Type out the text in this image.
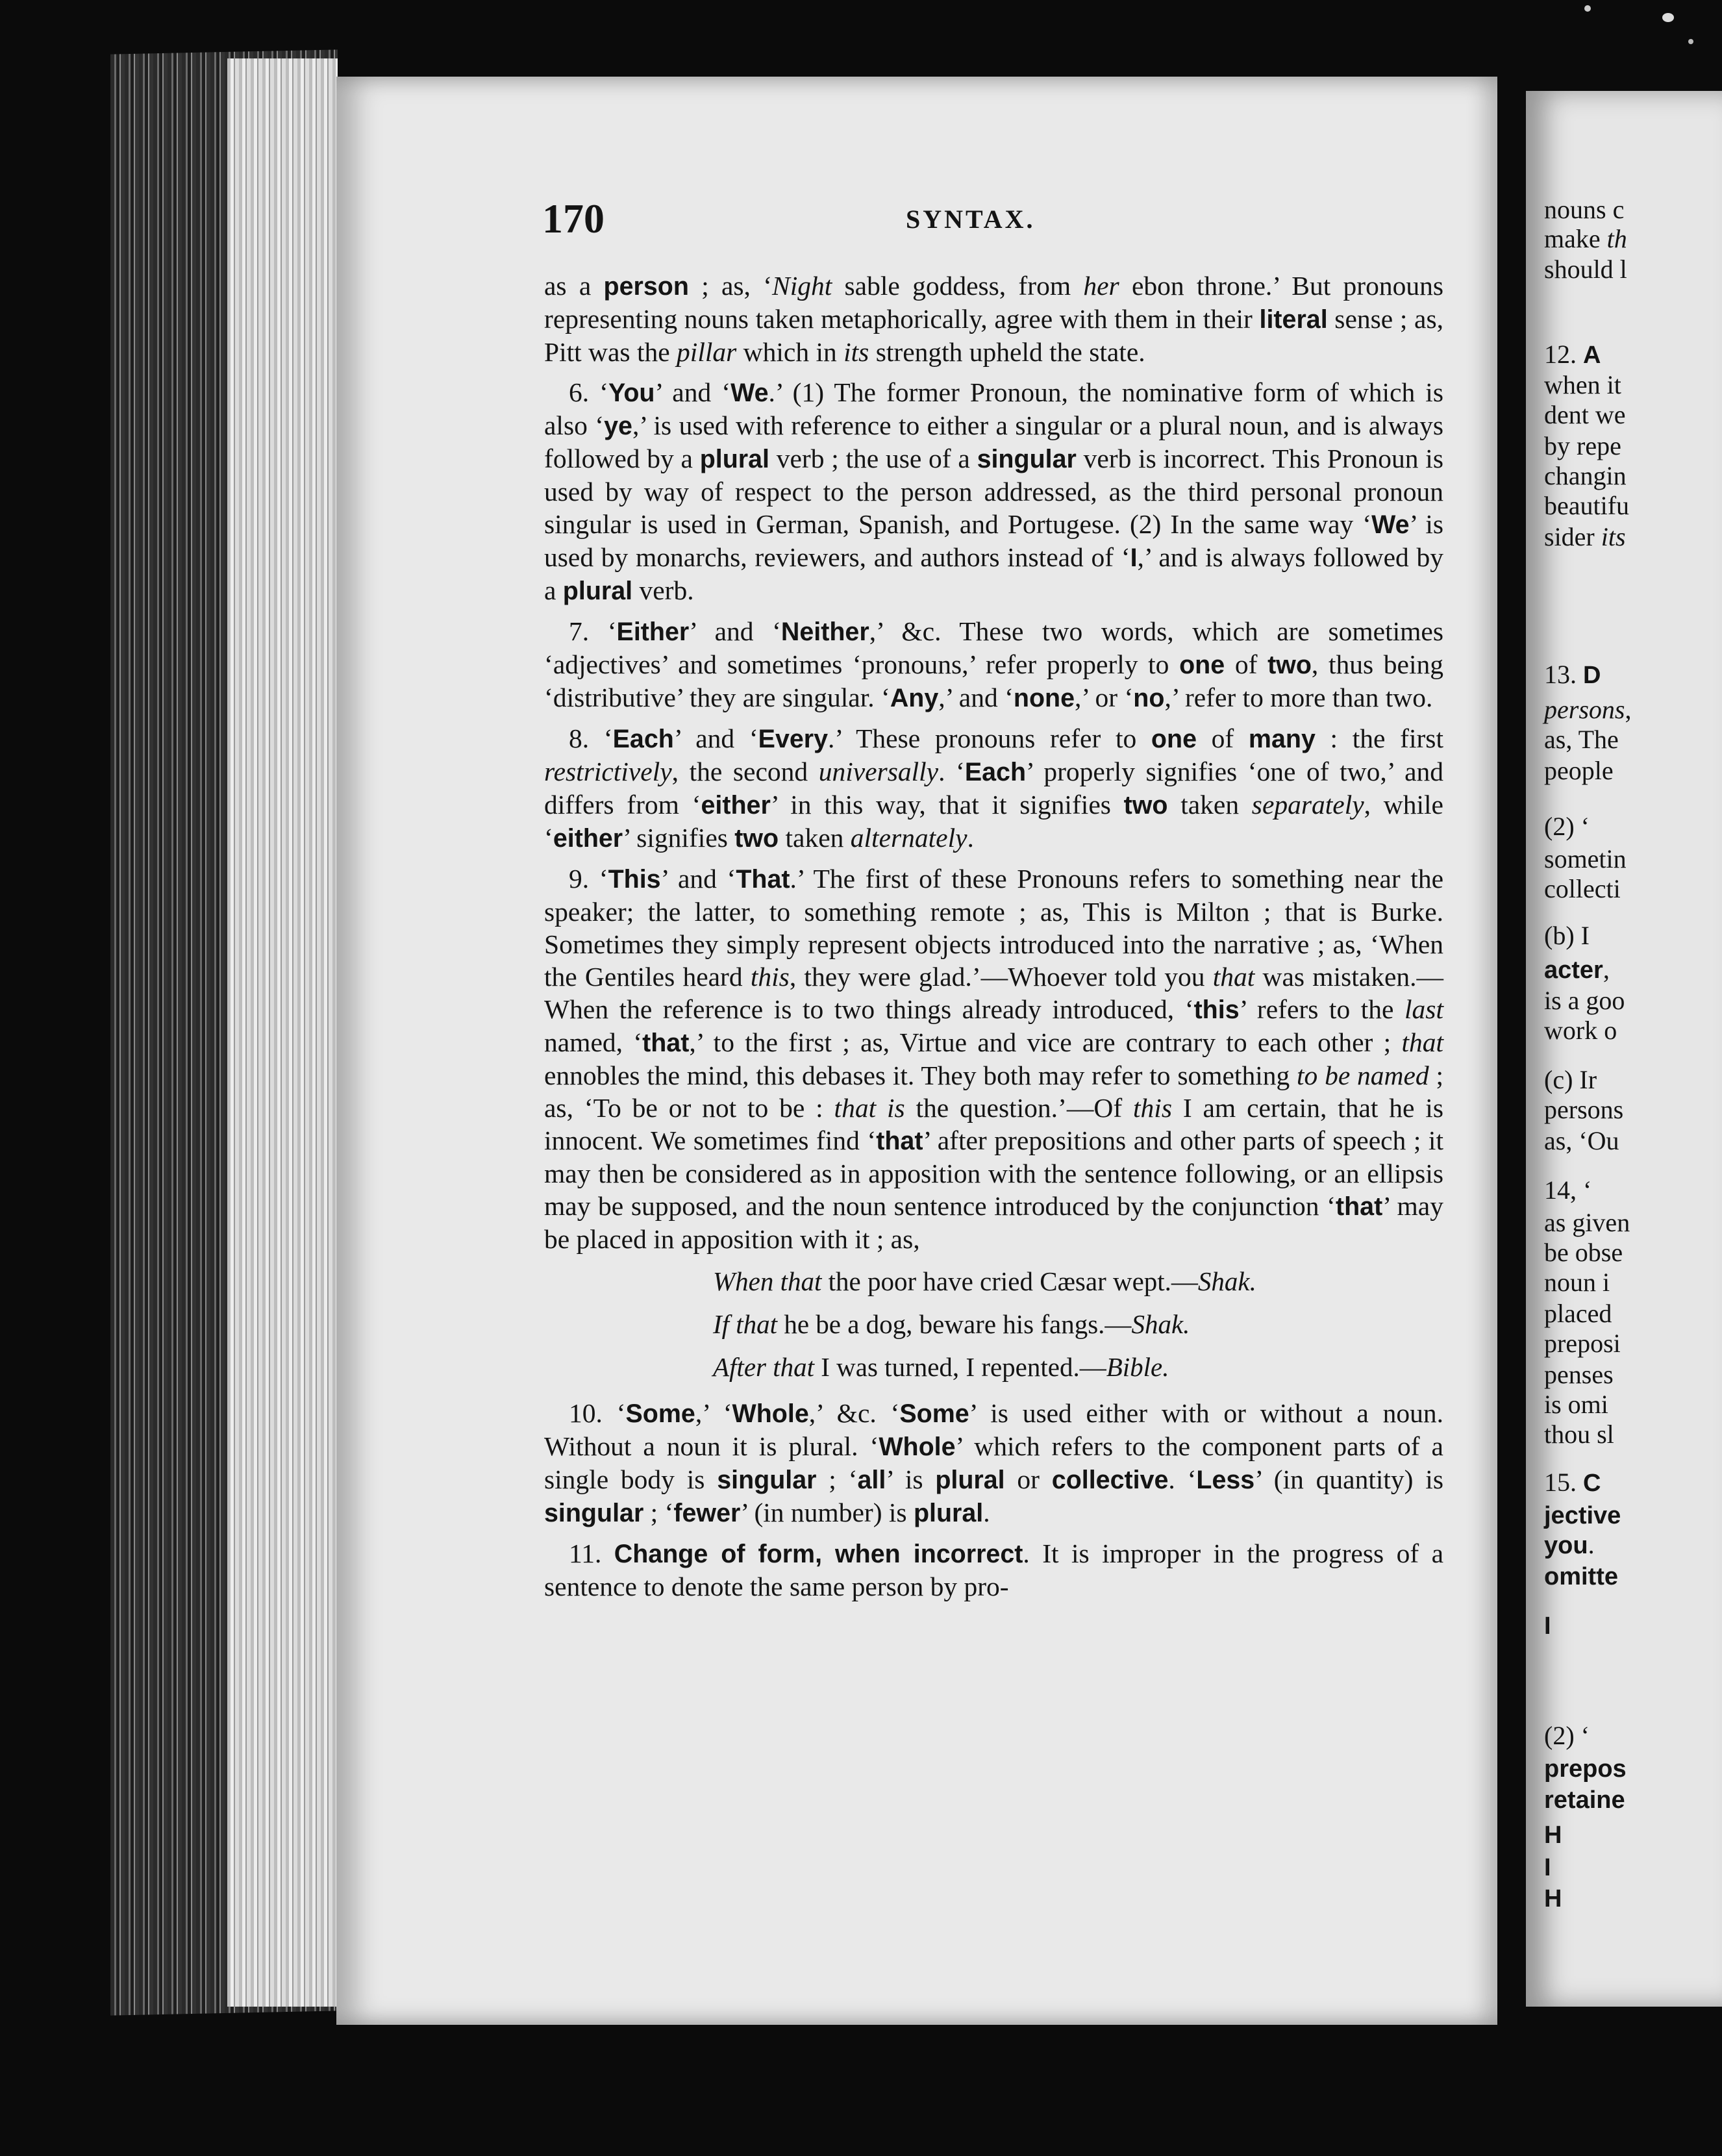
170	SYNTAX.

as a person ; as, ‘Night sable goddess, from her ebon throne.’ But pronouns representing nouns taken metaphorically, agree with them in their literal sense ; as, Pitt was the pillar which in its strength upheld the state.

6. ‘You’ and ‘We.’ (1) The former Pronoun, the nominative form of which is also ‘ye,’ is used with reference to either a singular or a plural noun, and is always followed by a plural verb ; the use of a singular verb is incorrect. This Pronoun is used by way of respect to the person addressed, as the third personal pronoun singular is used in German, Spanish, and Portugese. (2) In the same way ‘We’ is used by monarchs, reviewers, and authors instead of ‘I,’ and is always followed by a plural verb.

7. ‘Either’ and ‘Neither,’ &c. These two words, which are sometimes ‘adjectives’ and sometimes ‘pronouns,’ refer properly to one of two, thus being ‘distributive’ they are singular. ‘Any,’ and ‘none,’ or ‘no,’ refer to more than two.

8. ‘Each’ and ‘Every.’ These pronouns refer to one of many : the first restrictively, the second universally. ‘Each’ properly signifies ‘one of two,’ and differs from ‘either’ in this way, that it signifies two taken separately, while ‘either’ signifies two taken alternately.

9. ‘This’ and ‘That.’ The first of these Pronouns refers to something near the speaker; the latter, to something remote ; as, This is Milton ; that is Burke. Sometimes they simply represent objects introduced into the narrative ; as, ‘When the Gentiles heard this, they were glad.’—Whoever told you that was mistaken.—When the reference is to two things already introduced, ‘this’ refers to the last named, ‘that,’ to the first ; as, Virtue and vice are contrary to each other ; that ennobles the mind, this debases it. They both may refer to something to be named ; as, ‘To be or not to be : that is the question.’—Of this I am certain, that he is innocent. We sometimes find ‘that’ after prepositions and other parts of speech ; it may then be considered as in apposition with the sentence following, or an ellipsis may be supposed, and the noun sentence introduced by the conjunction ‘that’ may be placed in apposition with it ; as,

When that the poor have cried Cæsar wept.—Shak.
If that he be a dog, beware his fangs.—Shak.
After that I was turned, I repented.—Bible.

10. ‘Some,’ ‘Whole,’ &c. ‘Some’ is used either with or without a noun. Without a noun it is plural. ‘Whole’ which refers to the component parts of a single body is singular ; ‘all’ is plural or collective. ‘Less’ (in quantity) is singular ; ‘fewer’ (in number) is plural.

11. Change of form, when incorrect. It is improper in the progress of a sentence to denote the same person by pro-

nouns c
make th
should l
12. A
when it
dent we
by repe
changin
beautifu
sider its
13. D
persons,
as, The
people
(2) ‘
sometin
collecti
(b) I
acter,
is a goo
work o
(c) Ir
persons
as, ‘Ou
14, ‘
as given
be obse
noun i
placed
preposi
penses
is omi
thou sl
15. C
jective
you.
omitte
I
(2) ‘
prepos
retaine
H
I
H
